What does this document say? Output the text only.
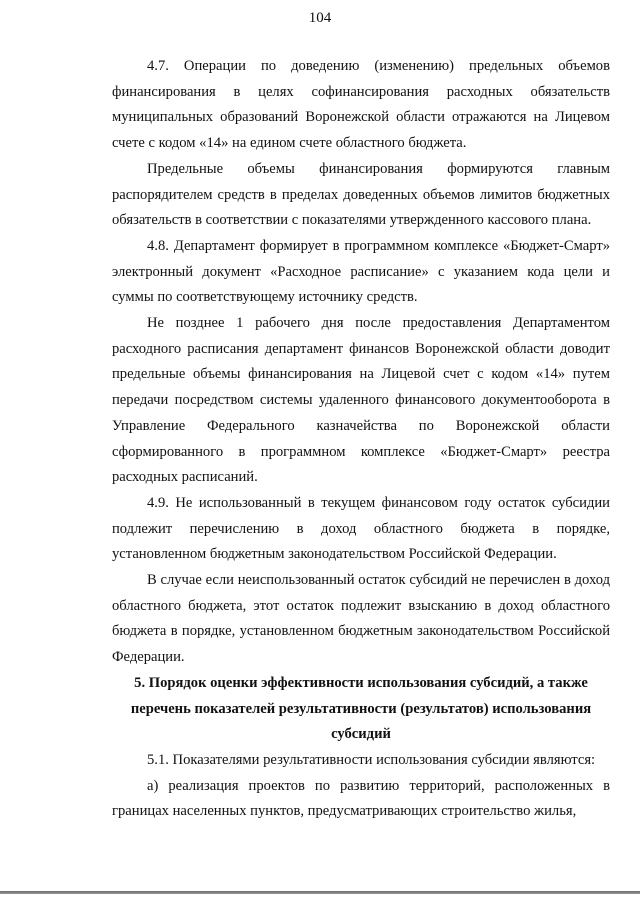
104

4.7. Операции по доведению (изменению) предельных объемов финансирования в целях софинансирования расходных обязательств муниципальных образований Воронежской области отражаются на Лицевом счете с кодом «14» на едином счете областного бюджета.

Предельные объемы финансирования формируются главным распорядителем средств в пределах доведенных объемов лимитов бюджетных обязательств в соответствии с показателями утвержденного кассового плана.

4.8. Департамент формирует в программном комплексе «Бюджет-Смарт» электронный документ «Расходное расписание» с указанием кода цели и суммы по соответствующему источнику средств.

Не позднее 1 рабочего дня после предоставления Департаментом расходного расписания департамент финансов Воронежской области доводит предельные объемы финансирования на Лицевой счет с кодом «14» путем передачи посредством системы удаленного финансового документооборота в Управление Федерального казначейства по Воронежской области сформированного в программном комплексе «Бюджет-Смарт» реестра расходных расписаний.

4.9. Не использованный в текущем финансовом году остаток субсидии подлежит перечислению в доход областного бюджета в порядке, установленном бюджетным законодательством Российской Федерации.

В случае если неиспользованный остаток субсидий не перечислен в доход областного бюджета, этот остаток подлежит взысканию в доход областного бюджета в порядке, установленном бюджетным законодательством Российской Федерации.

5. Порядок оценки эффективности использования субсидий, а также перечень показателей результативности (результатов) использования субсидий

5.1. Показателями результативности использования субсидии являются:

а) реализация проектов по развитию территорий, расположенных в границах населенных пунктов, предусматривающих строительство жилья,
